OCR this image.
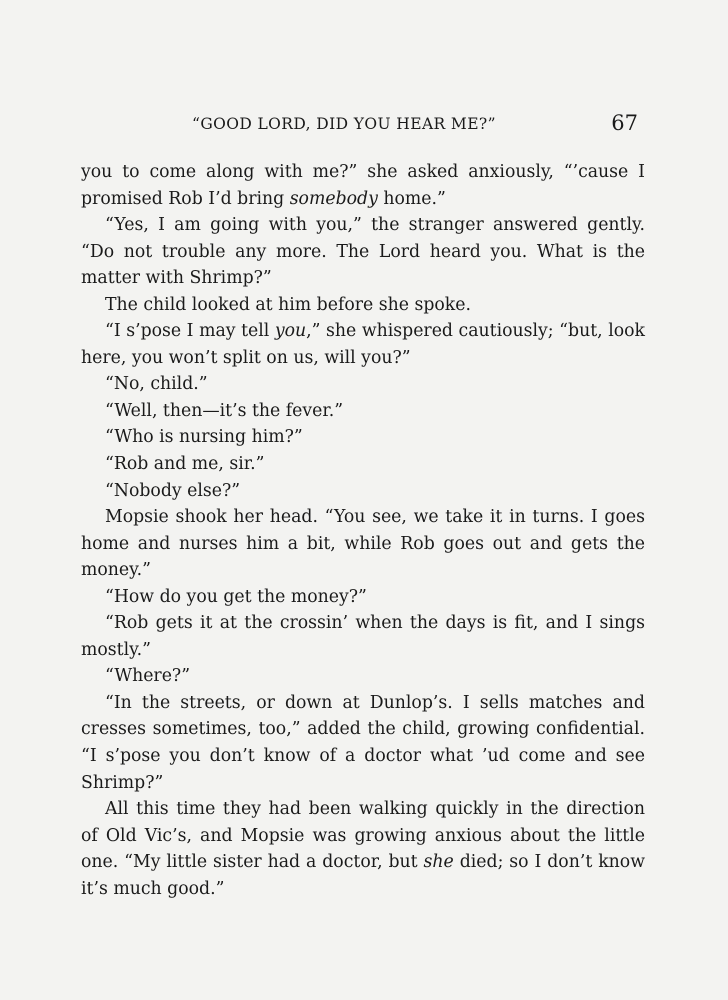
“GOOD LORD, DID YOU HEAR ME?”	67

you to come along with me?” she asked anxiously, “’cause I promised Rob I’d bring somebody home.”

“Yes, I am going with you,” the stranger answered gently. “Do not trouble any more. The Lord heard you. What is the matter with Shrimp?”

The child looked at him before she spoke.

“I s’pose I may tell you,” she whispered cautiously; “but, look here, you won’t split on us, will you?”

“No, child.”

“Well, then—it’s the fever.”

“Who is nursing him?”

“Rob and me, sir.”

“Nobody else?”

Mopsie shook her head. “You see, we take it in turns. I goes home and nurses him a bit, while Rob goes out and gets the money.”

“How do you get the money?”

“Rob gets it at the crossin’ when the days is fit, and I sings mostly.”

“Where?”

“In the streets, or down at Dunlop’s. I sells matches and cresses sometimes, too,” added the child, growing confidential. “I s’pose you don’t know of a doctor what ’ud come and see Shrimp?”

All this time they had been walking quickly in the direction of Old Vic’s, and Mopsie was growing anxious about the little one. “My little sister had a doctor, but she died; so I don’t know it’s much good.”
